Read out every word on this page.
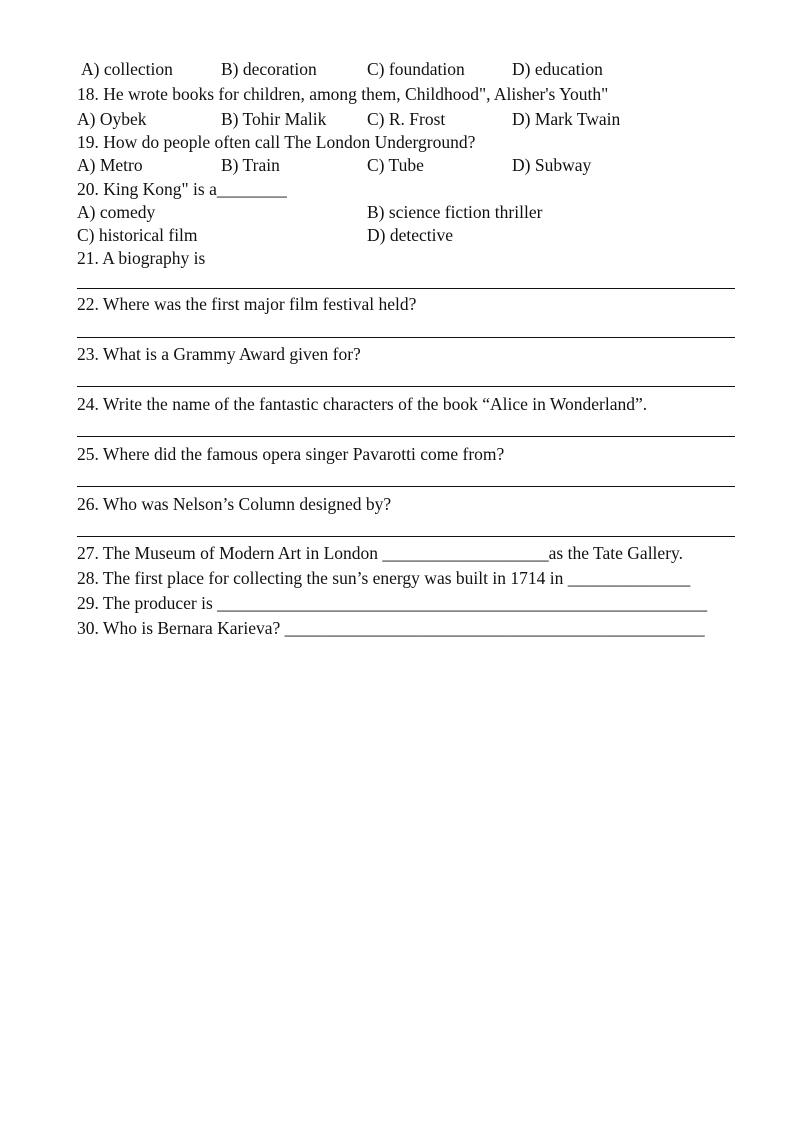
A) collection	B) decoration	C) foundation	D) education
18. He wrote books for children, among them, Childhood", Alisher's Youth"
A) Oybek	B) Tohir Malik C) R. Frost	D) Mark Twain
19. How do people often call The London Underground?
A) Metro	B) Train	C) Tube	D) Subway
20. King Kong" is a________
A) comedy	B) science fiction thriller
C) historical film	D) detective
21. A biography is
22. Where was the first major film festival held?
23. What is a Grammy Award given for?
24. Write the name of the fantastic characters of the book “Alice in Wonderland”.
25. Where did the famous opera singer Pavarotti come from?
26. Who was Nelson’s Column designed by?
27. The Museum of Modern Art in London ___________________as the Tate Gallery.
28. The first place for collecting the sun’s energy was built in 1714 in ______________
29. The producer is ________________________________________________________
30. Who is Bernara Karieva? ________________________________________________
